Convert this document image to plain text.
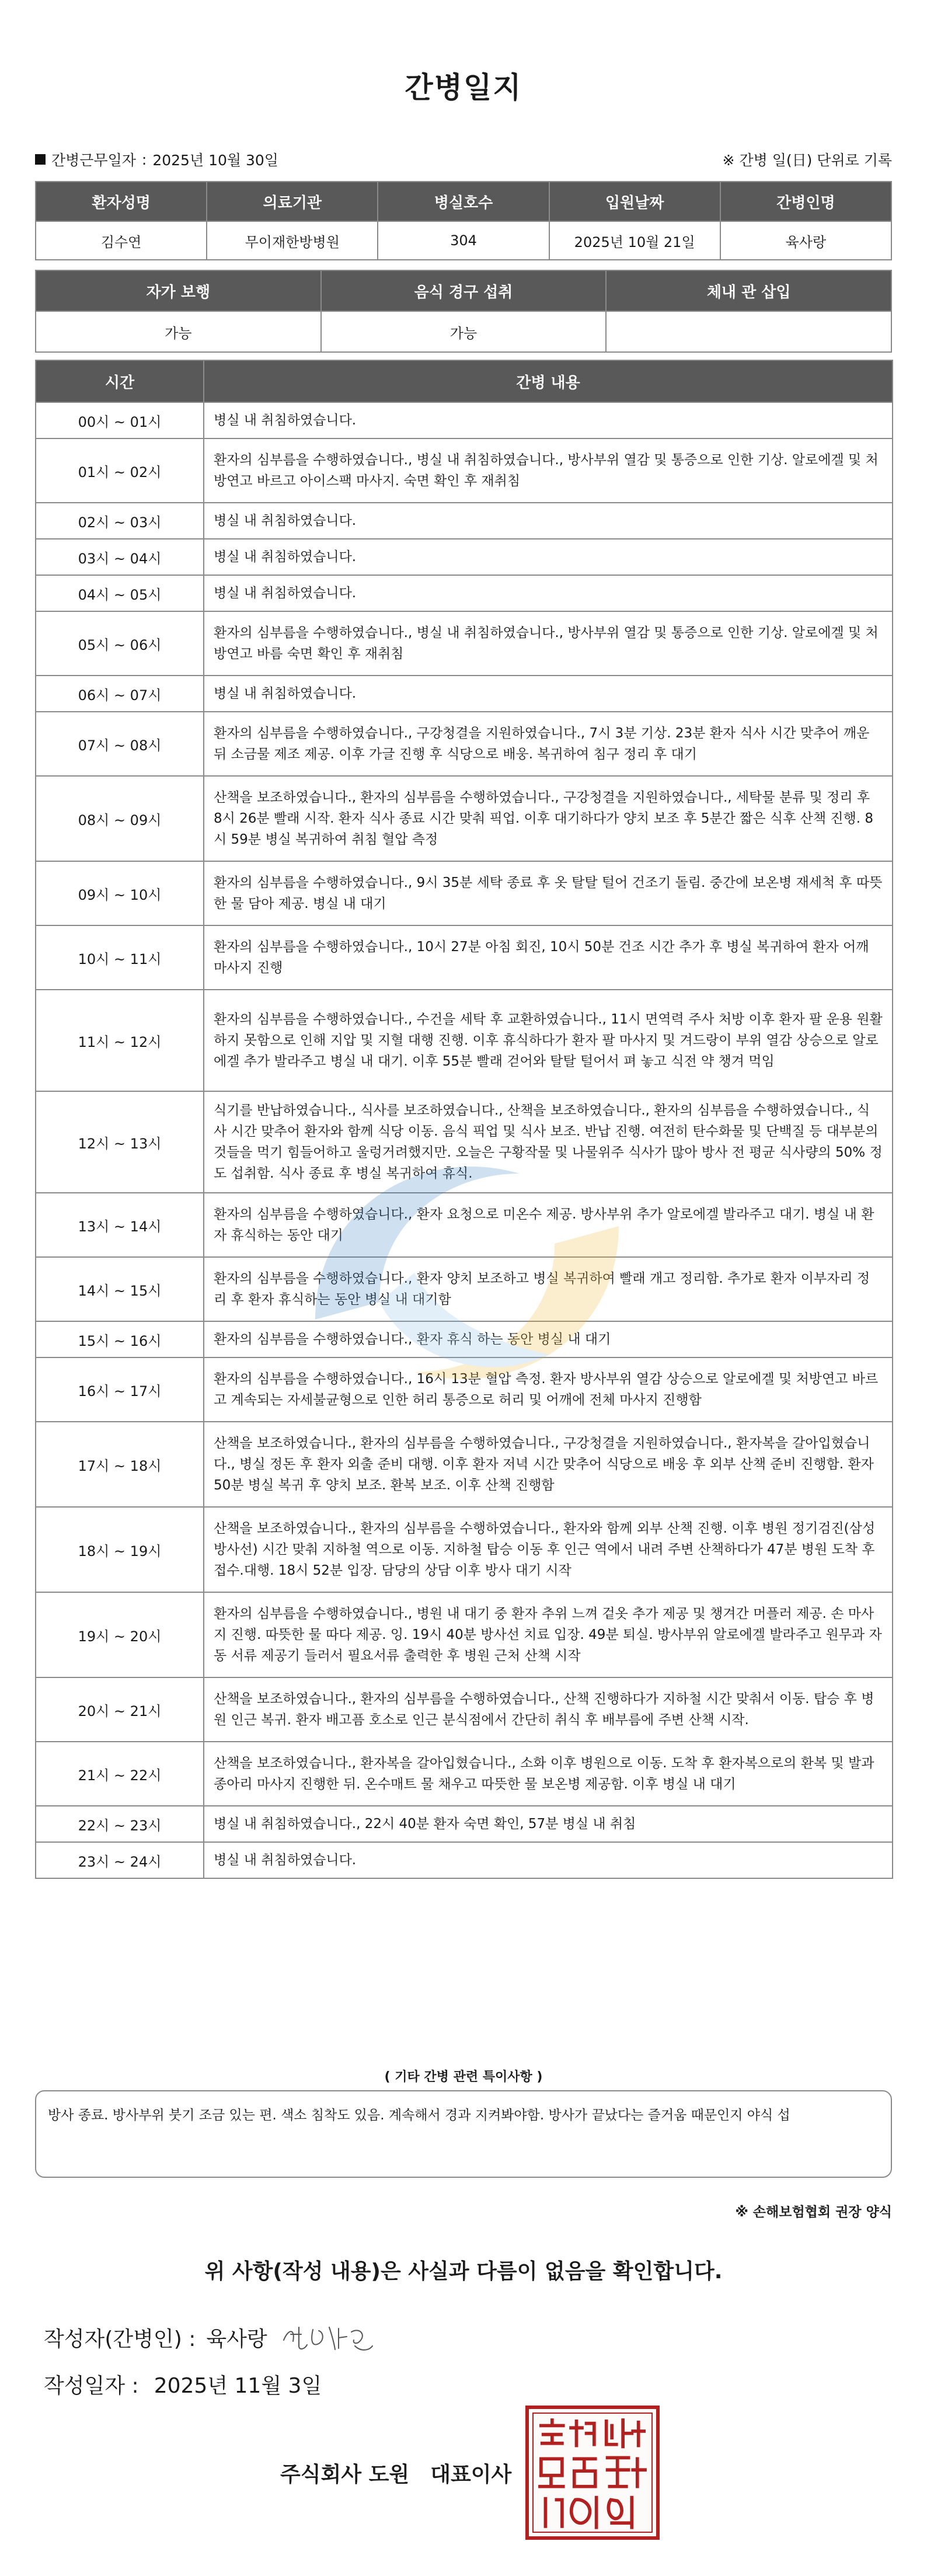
간병일지
간병근무일자 : 2025년 10월 30일	※ 간병 일(日) 단위로 기록
환자성명	의료기관	병실호수	입원날짜	간병인명
김수연	무이재한방병원	304	2025년 10월 21일	육사랑
자가 보행	음식 경구 섭취	체내 관 삽입
가능	가능	
시간	간병 내용
00시 ~ 01시	병실 내 취침하였습니다.
01시 ~ 02시	환자의 심부름을 수행하였습니다., 병실 내 취침하였습니다., 방사부위 열감 및 통증으로 인한 기상. 알로에겔 및 처방연고 바르고 아이스팩 마사지. 숙면 확인 후 재취침
02시 ~ 03시	병실 내 취침하였습니다.
03시 ~ 04시	병실 내 취침하였습니다.
04시 ~ 05시	병실 내 취침하였습니다.
05시 ~ 06시	환자의 심부름을 수행하였습니다., 병실 내 취침하였습니다., 방사부위 열감 및 통증으로 인한 기상. 알로에겔 및 처방연고 바름 숙면 확인 후 재취침
06시 ~ 07시	병실 내 취침하였습니다.
07시 ~ 08시	환자의 심부름을 수행하였습니다., 구강청결을 지원하였습니다., 7시 3분 기상. 23분 환자 식사 시간 맞추어 깨운 뒤 소금물 제조 제공. 이후 가글 진행 후 식당으로 배웅. 복귀하여 침구 정리 후 대기
08시 ~ 09시	산책을 보조하였습니다., 환자의 심부름을 수행하였습니다., 구강청결을 지원하였습니다., 세탁물 분류 및 정리 후 8시 26분 빨래 시작. 환자 식사 종료 시간 맞춰 픽업. 이후 대기하다가 양치 보조 후 5분간 짧은 식후 산책 진행. 8시 59분 병실 복귀하여 취침 혈압 측정
09시 ~ 10시	환자의 심부름을 수행하였습니다., 9시 35분 세탁 종료 후 옷 탈탈 털어 건조기 돌림. 중간에 보온병 재세척 후 따뜻한 물 담아 제공. 병실 내 대기
10시 ~ 11시	환자의 심부름을 수행하였습니다., 10시 27분 아침 회진, 10시 50분 건조 시간 추가 후 병실 복귀하여 환자 어깨 마사지 진행
11시 ~ 12시	환자의 심부름을 수행하였습니다., 수건을 세탁 후 교환하였습니다., 11시 면역력 주사 처방 이후 환자 팔 운용 원활하지 못함으로 인해 지압 및 지혈 대행 진행. 이후 휴식하다가 환자 팔 마사지 및 겨드랑이 부위 열감 상승으로 알로에겔 추가 발라주고 병실 내 대기. 이후 55분 빨래 걷어와 탈탈 털어서 펴 놓고 식전 약 챙겨 먹임
12시 ~ 13시	식기를 반납하였습니다., 식사를 보조하였습니다., 산책을 보조하였습니다., 환자의 심부름을 수행하였습니다., 식사 시간 맞추어 환자와 함께 식당 이동. 음식 픽업 및 식사 보조. 반납 진행. 여전히 탄수화물 및 단백질 등 대부분의 것들을 먹기 힘들어하고 울렁거려했지만. 오늘은 구황작물 및 나물위주 식사가 많아 방사 전 평균 식사량의 50% 정도 섭취함. 식사 종료 후 병실 복귀하여 휴식.
13시 ~ 14시	환자의 심부름을 수행하였습니다., 환자 요청으로 미온수 제공. 방사부위 추가 알로에겔 발라주고 대기. 병실 내 환자 휴식하는 동안 대기
14시 ~ 15시	환자의 심부름을 수행하였습니다., 환자 양치 보조하고 병실 복귀하여 빨래 개고 정리함. 추가로 환자 이부자리 정리 후 환자 휴식하는 동안 병실 내 대기함
15시 ~ 16시	환자의 심부름을 수행하였습니다., 환자 휴식 하는 동안 병실 내 대기
16시 ~ 17시	환자의 심부름을 수행하였습니다., 16시 13분 혈압 측정. 환자 방사부위 열감 상승으로 알로에겔 및 처방연고 바르고 계속되는 자세불균형으로 인한 허리 통증으로 허리 및 어깨에 전체 마사지 진행함
17시 ~ 18시	산책을 보조하였습니다., 환자의 심부름을 수행하였습니다., 구강청결을 지원하였습니다., 환자복을 갈아입혔습니다., 병실 정돈 후 환자 외출 준비 대행. 이후 환자 저녁 시간 맞추어 식당으로 배웅 후 외부 산책 준비 진행함. 환자 50분 병실 복귀 후 양치 보조. 환복 보조. 이후 산책 진행함
18시 ~ 19시	산책을 보조하였습니다., 환자의 심부름을 수행하였습니다., 환자와 함께 외부 산책 진행. 이후 병원 정기검진(삼성 방사선) 시간 맞춰 지하철 역으로 이동. 지하철 탑승 이동 후 인근 역에서 내려 주변 산책하다가 47분 병원 도착 후 접수.대행. 18시 52분 입장. 담당의 상담 이후 방사 대기 시작
19시 ~ 20시	환자의 심부름을 수행하였습니다., 병원 내 대기 중 환자 추위 느껴 겉옷 추가 제공 및 챙겨간 머플러 제공. 손 마사지 진행. 따뜻한 물 따다 제공. 잉. 19시 40분 방사선 치료 입장. 49분 퇴실. 방사부위 알로에겔 발라주고 원무과 자동 서류 제공기 들러서 필요서류 출력한 후 병원 근처 산책 시작
20시 ~ 21시	산책을 보조하였습니다., 환자의 심부름을 수행하였습니다., 산책 진행하다가 지하철 시간 맞춰서 이동. 탑승 후 병원 인근 복귀. 환자 배고픔 호소로 인근 분식점에서 간단히 취식 후 배부름에 주변 산책 시작.
21시 ~ 22시	산책을 보조하였습니다., 환자복을 갈아입혔습니다., 소화 이후 병원으로 이동. 도착 후 환자복으로의 환복 및 발과 종아리 마사지 진행한 뒤. 온수매트 물 채우고 따뜻한 물 보온병 제공함. 이후 병실 내 대기
22시 ~ 23시	병실 내 취침하였습니다., 22시 40분 환자 숙면 확인, 57분 병실 내 취침
23시 ~ 24시	병실 내 취침하였습니다.
( 기타 간병 관련 특이사항 )
방사 종료. 방사부위 붓기 조금 있는 편. 색소 침착도 있음. 계속해서 경과 지켜봐야함. 방사가 끝났다는 즐거움 때문인지 야식 섭
※ 손해보험협회 권장 양식
위 사항(작성 내용)은 사실과 다름이 없음을 확인합니다.
작성자(간병인) : 육사랑
작성일자 : 2025년 11월 3일
주식회사 도원 대표이사
